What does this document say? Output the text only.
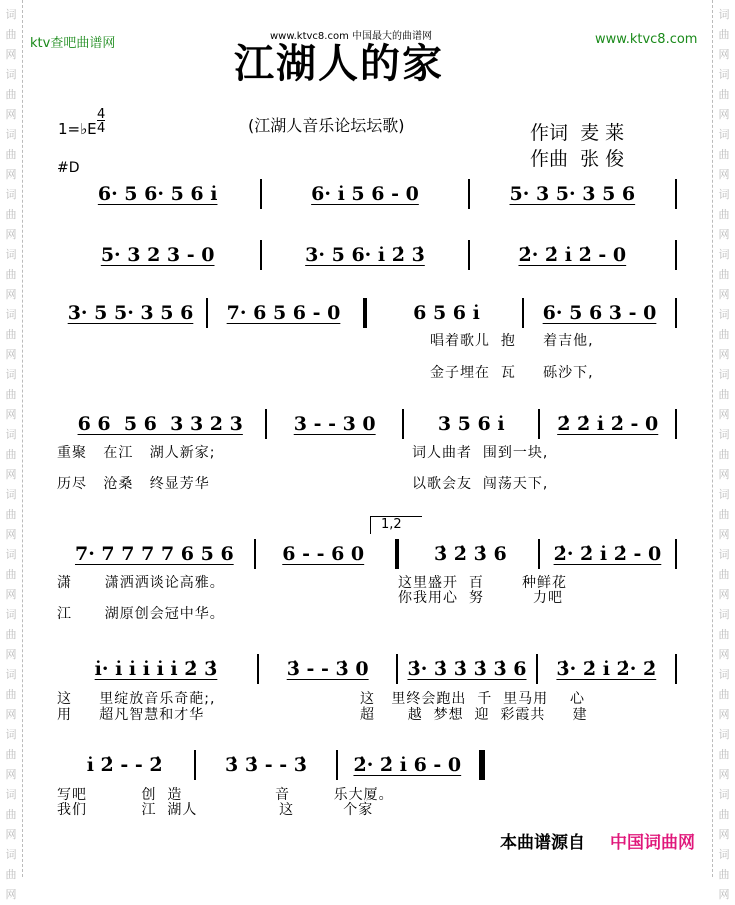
词
曲
网
词
曲
网
词
曲
网
词
曲
网
词
曲
网
词
曲
网
词
曲
网
词
曲
网
词
曲
网
词
曲
网
词
曲
网
词
曲
网
词
曲
网
词
曲
网
词
曲
网
词
曲
网
词
曲
网
词
曲
网
词
曲
网
词
曲
网
词
曲
网
词
曲
网
词
曲
网
词
曲
网
词
曲
网
词
曲
网
词
曲
网
词
曲
网
词
曲
网
词
曲
网
ktv查吧曲谱网	www.ktvc8.com 中国最大的曲谱网	www.ktvc8.com
江湖人的家
(江湖人音乐论坛坛歌)
1=♭E
4
4
#D
作词 麦 莱
作曲 张 俊
6· 5 6· 5 6 i̇	6· i̇ 5 6 - 0	5· 3 5· 3 5 6
5· 3 2 3 - 0	3· 5 6· i̇ 2̇ 3̇	2̇· 2̇ i̇ 2̇ - 0
3· 5 5· 3 5 6	7· 6 5 6 - 0	6 5 6 i̇	6· 5 6 3 - 0
唱着歌儿  抱     着吉他,
金子埋在  瓦     砾沙下,
6 6  5 6  3 3 2 3	3 - - 3 0	3 5 6 i̇	2̇ 2̇ i̇ 2̇ - 0
重聚   在江   湖人新家;	词人曲者  围到一块,
历尽   沧桑   终显芳华	以歌会友  闯荡天下,
1,2
7· 7 7 7 7 6 5 6	6 - - 6 0	3̇ 2̇ 3̇ 6	2̇· 2̇ i̇ 2̇ - 0
潇      潇洒洒谈论高雅。	这里盛开  百       种鲜花
你我用心  努         力吧
江      湖原创会冠中华。
i̇· i̇ i̇ i̇ i̇ i̇ 2̇ 3̇	3̇ - - 3̇ 0	3̇· 3̇ 3̇ 3̇ 3̇ 6	3̇· 2̇ i̇ 2̇· 2̇
这     里绽放音乐奇葩;,	这   里终会跑出  千  里马用    心
用     超凡智慧和才华	超      越  梦想  迎  彩霞共     建
i̇ 2̇ - - 2̇	3̇ 3̇ - - 3̇	2̇· 2̇ i̇ 6 - 0
写吧          创  造                 音        乐大厦。
我们          江  湖人               这         个家
本曲谱源自 中国词曲网
